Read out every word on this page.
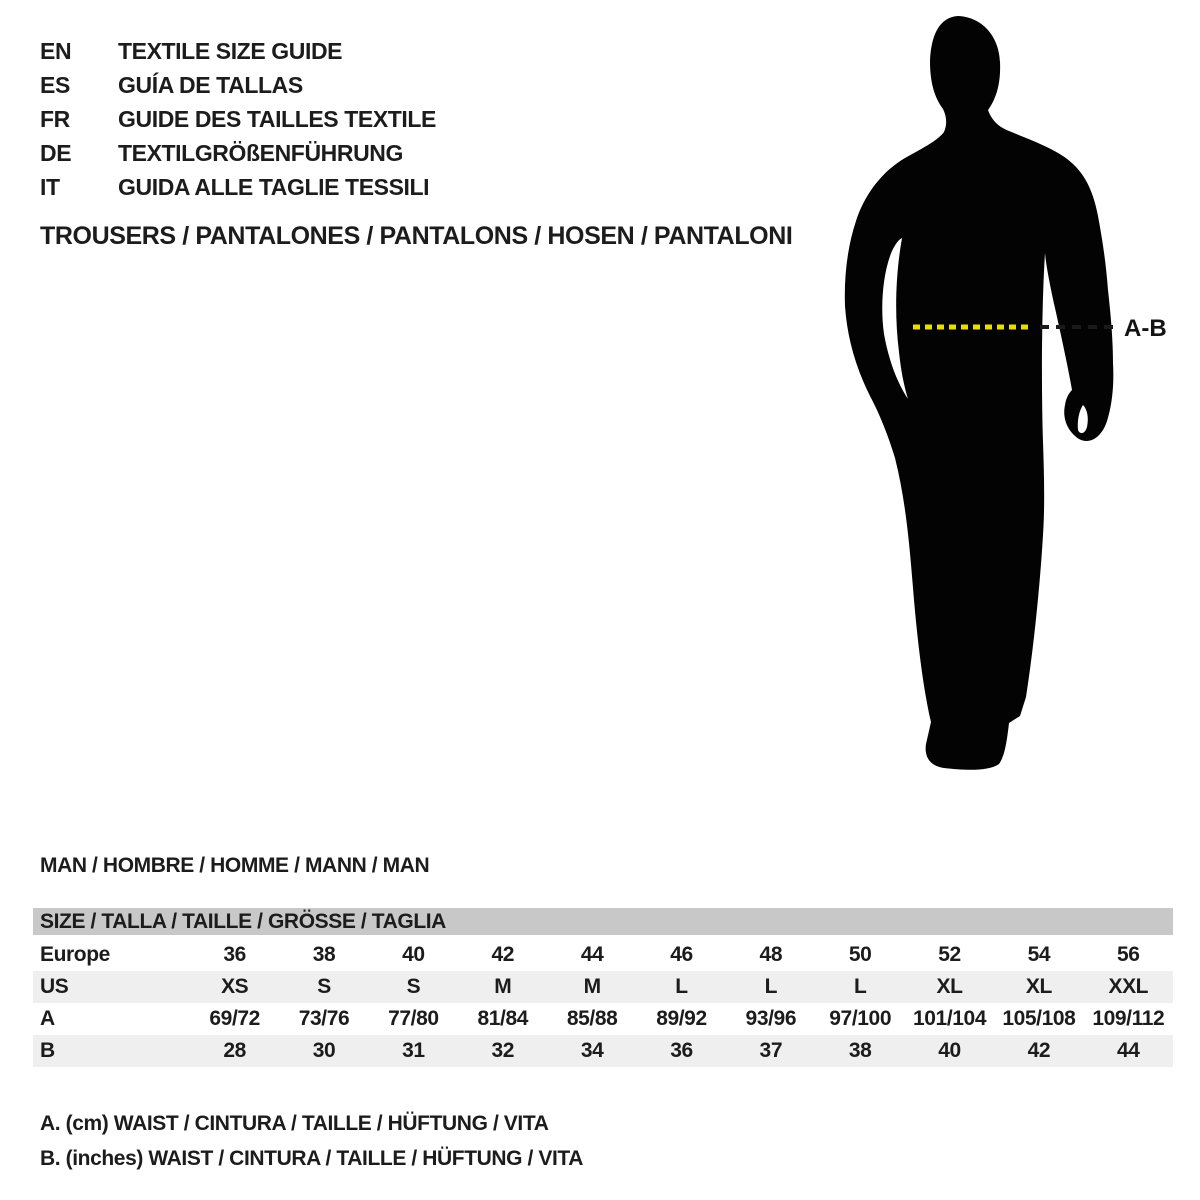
A-B
EN	TEXTILE SIZE GUIDE
ES	GUÍA DE TALLAS
FR	GUIDE DES TAILLES TEXTILE
DE	TEXTILGRÖßENFÜHRUNG
IT	GUIDA ALLE TAGLIE TESSILI
TROUSERS / PANTALONES / PANTALONS / HOSEN / PANTALONI
MAN / HOMBRE / HOMME / MANN / MAN
SIZE / TALLA / TAILLE / GRÖSSE / TAGLIA
Europe	36	38	40	42	44	46	48	50	52	54	56
US	XS	S	S	M	M	L	L	L	XL	XL	XXL
A	69/72	73/76	77/80	81/84	85/88	89/92	93/96	97/100	101/104	105/108	109/112
B	28	30	31	32	34	36	37	38	40	42	44
A. (cm) WAIST / CINTURA / TAILLE / HÜFTUNG / VITA
B. (inches) WAIST / CINTURA / TAILLE / HÜFTUNG / VITA
